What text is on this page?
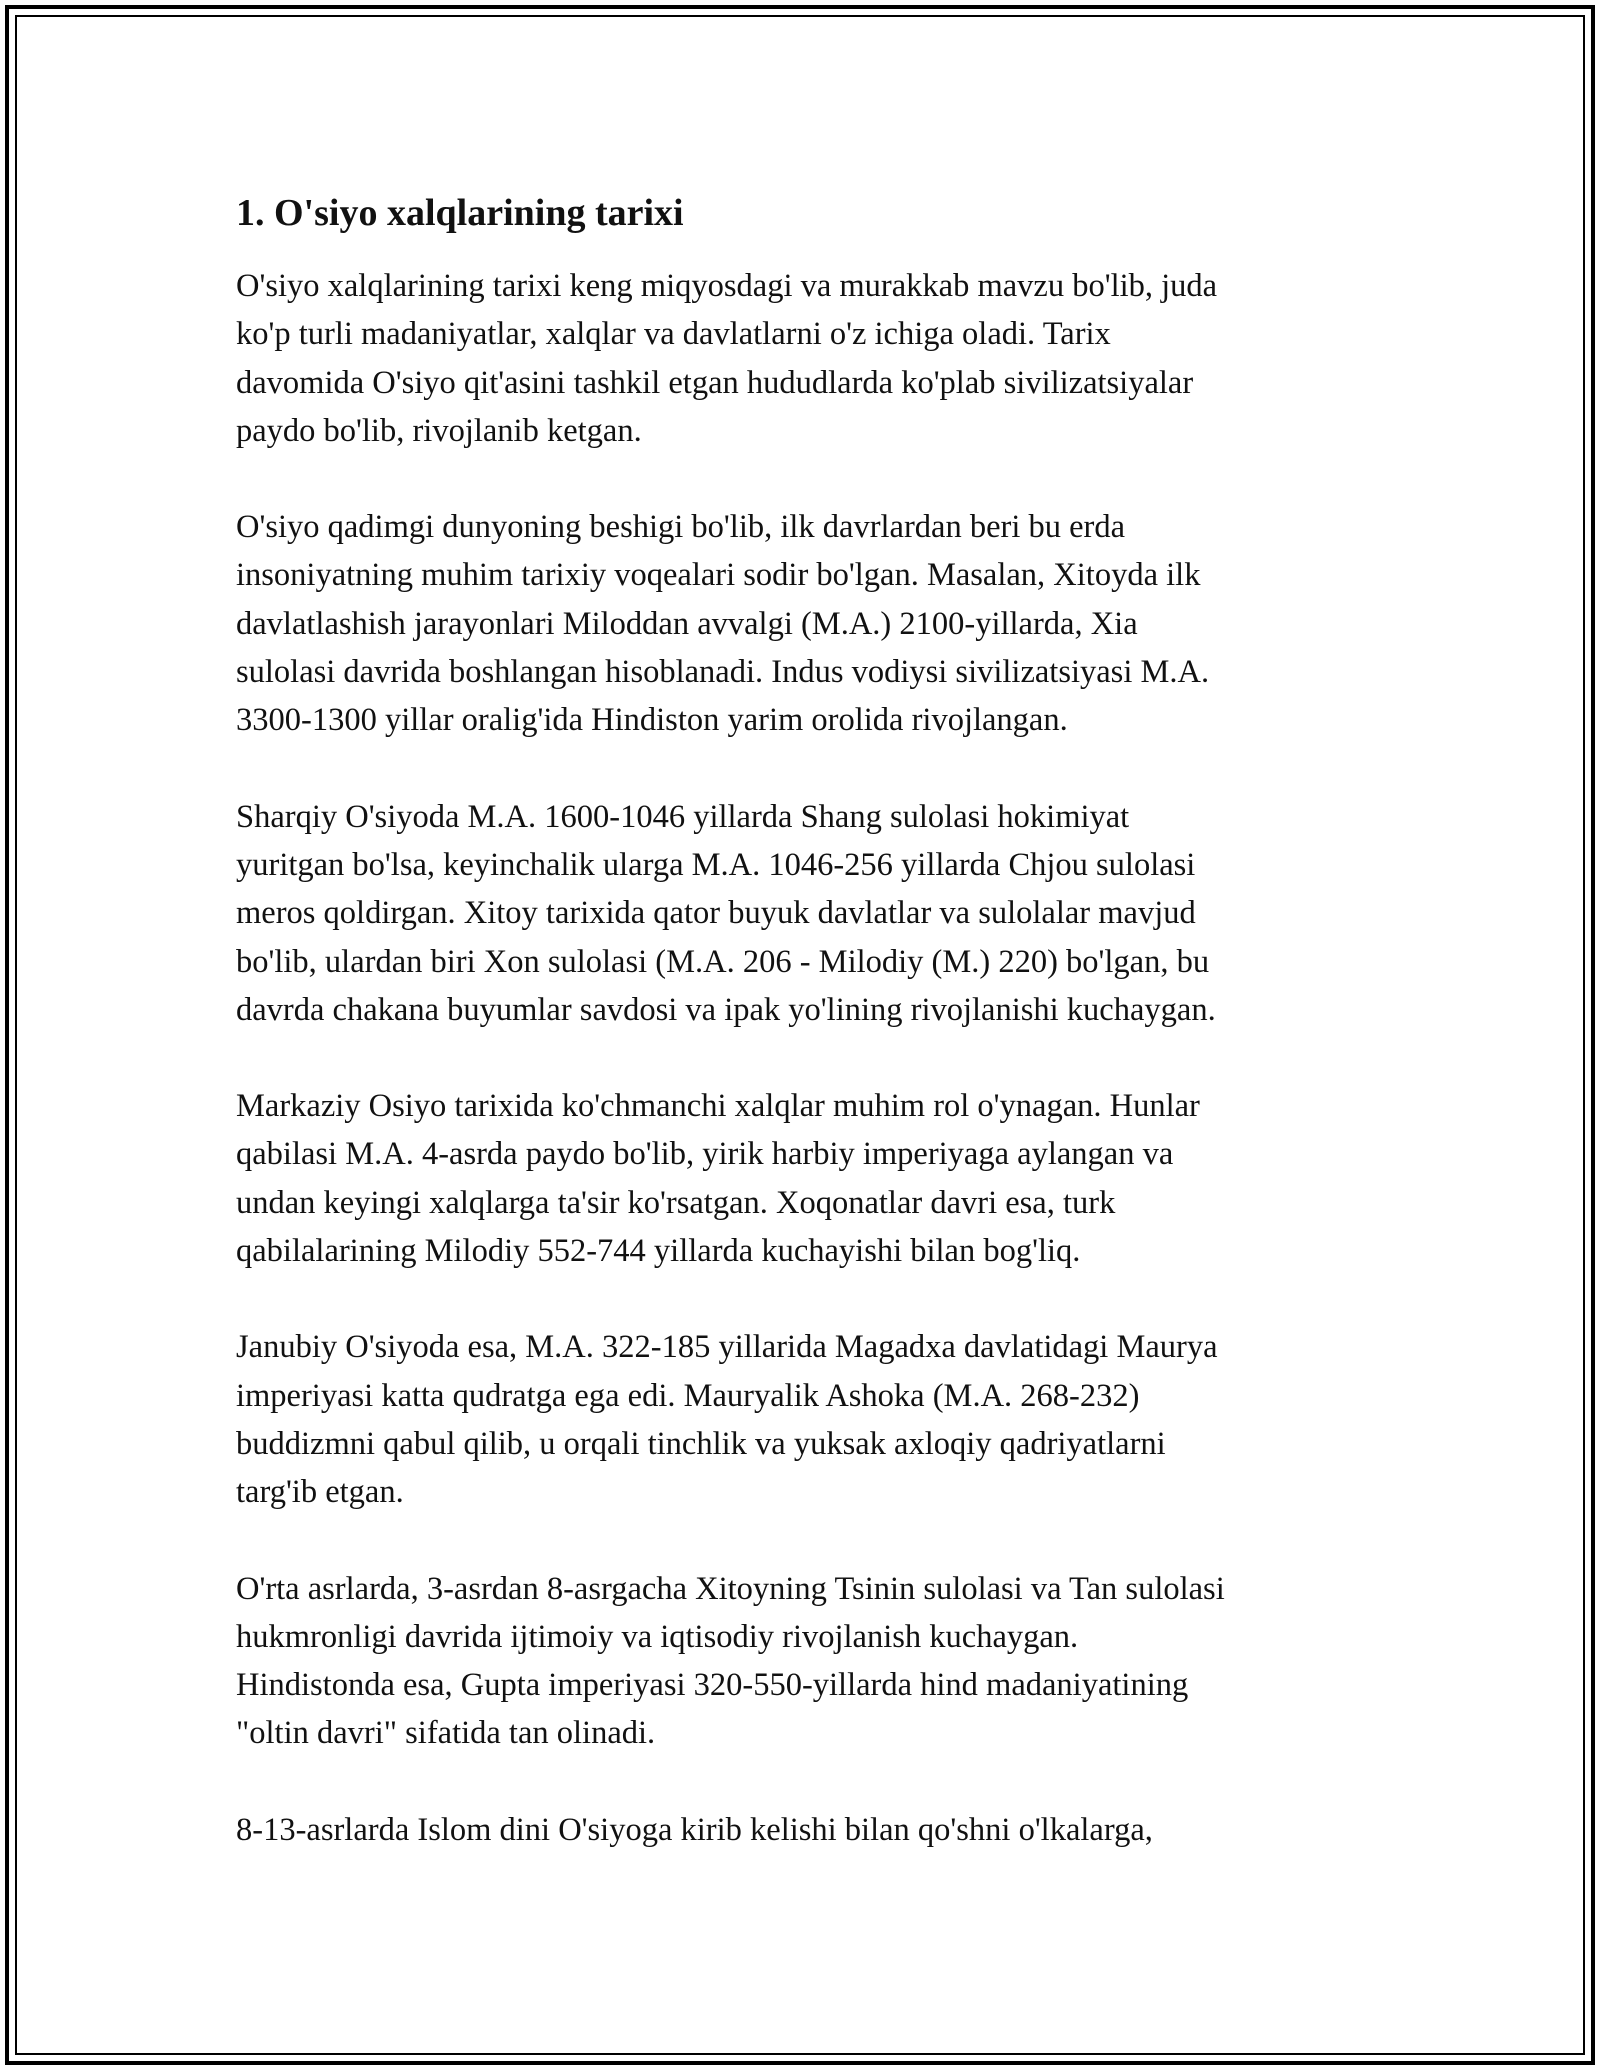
1. O'siyo xalqlarining tarixi

O'siyo xalqlarining tarixi keng miqyosdagi va murakkab mavzu bo'lib, juda
ko'p turli madaniyatlar, xalqlar va davlatlarni o'z ichiga oladi. Tarix
davomida O'siyo qit'asini tashkil etgan hududlarda ko'plab sivilizatsiyalar
paydo bo'lib, rivojlanib ketgan.

O'siyo qadimgi dunyoning beshigi bo'lib, ilk davrlardan beri bu erda
insoniyatning muhim tarixiy voqealari sodir bo'lgan. Masalan, Xitoyda ilk
davlatlashish jarayonlari Miloddan avvalgi (M.A.) 2100-yillarda, Xia
sulolasi davrida boshlangan hisoblanadi. Indus vodiysi sivilizatsiyasi M.A.
3300-1300 yillar oralig'ida Hindiston yarim orolida rivojlangan.

Sharqiy O'siyoda M.A. 1600-1046 yillarda Shang sulolasi hokimiyat
yuritgan bo'lsa, keyinchalik ularga M.A. 1046-256 yillarda Chjou sulolasi
meros qoldirgan. Xitoy tarixida qator buyuk davlatlar va sulolalar mavjud
bo'lib, ulardan biri Xon sulolasi (M.A. 206 - Milodiy (M.) 220) bo'lgan, bu
davrda chakana buyumlar savdosi va ipak yo'lining rivojlanishi kuchaygan.

Markaziy Osiyo tarixida ko'chmanchi xalqlar muhim rol o'ynagan. Hunlar
qabilasi M.A. 4-asrda paydo bo'lib, yirik harbiy imperiyaga aylangan va
undan keyingi xalqlarga ta'sir ko'rsatgan. Xoqonatlar davri esa, turk
qabilalarining Milodiy 552-744 yillarda kuchayishi bilan bog'liq.

Janubiy O'siyoda esa, M.A. 322-185 yillarida Magadxa davlatidagi Maurya
imperiyasi katta qudratga ega edi. Mauryalik Ashoka (M.A. 268-232)
buddizmni qabul qilib, u orqali tinchlik va yuksak axloqiy qadriyatlarni
targ'ib etgan.

O'rta asrlarda, 3-asrdan 8-asrgacha Xitoyning Tsinin sulolasi va Tan sulolasi
hukmronligi davrida ijtimoiy va iqtisodiy rivojlanish kuchaygan.
Hindistonda esa, Gupta imperiyasi 320-550-yillarda hind madaniyatining
"oltin davri" sifatida tan olinadi.

8-13-asrlarda Islom dini O'siyoga kirib kelishi bilan qo'shni o'lkalarga,
